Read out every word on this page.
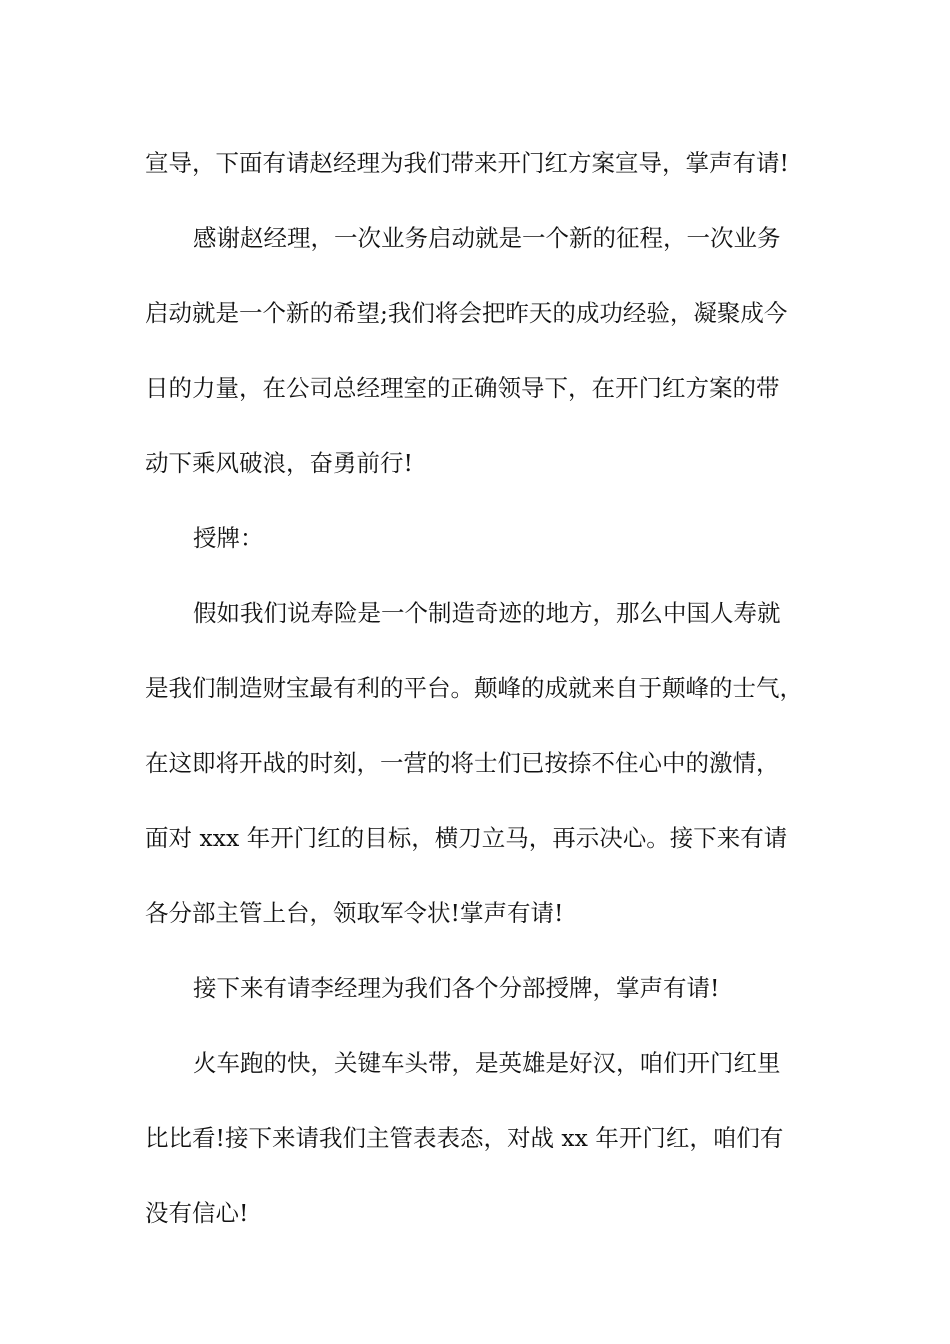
宣导，下面有请赵经理为我们带来开门红方案宣导，掌声有请!
感谢赵经理，一次业务启动就是一个新的征程，一次业务
启动就是一个新的希望;我们将会把昨天的成功经验，凝聚成今
日的力量，在公司总经理室的正确领导下，在开门红方案的带
动下乘风破浪，奋勇前行!
授牌：
假如我们说寿险是一个制造奇迹的地方，那么中国人寿就
是我们制造财宝最有利的平台。颠峰的成就来自于颠峰的士气，
在这即将开战的时刻，一营的将士们已按捺不住心中的激情，
面对 xxx 年开门红的目标，横刀立马，再示决心。接下来有请
各分部主管上台，领取军令状!掌声有请!
接下来有请李经理为我们各个分部授牌，掌声有请!
火车跑的快，关键车头带，是英雄是好汉，咱们开门红里
比比看!接下来请我们主管表表态，对战 xx 年开门红，咱们有
没有信心!
